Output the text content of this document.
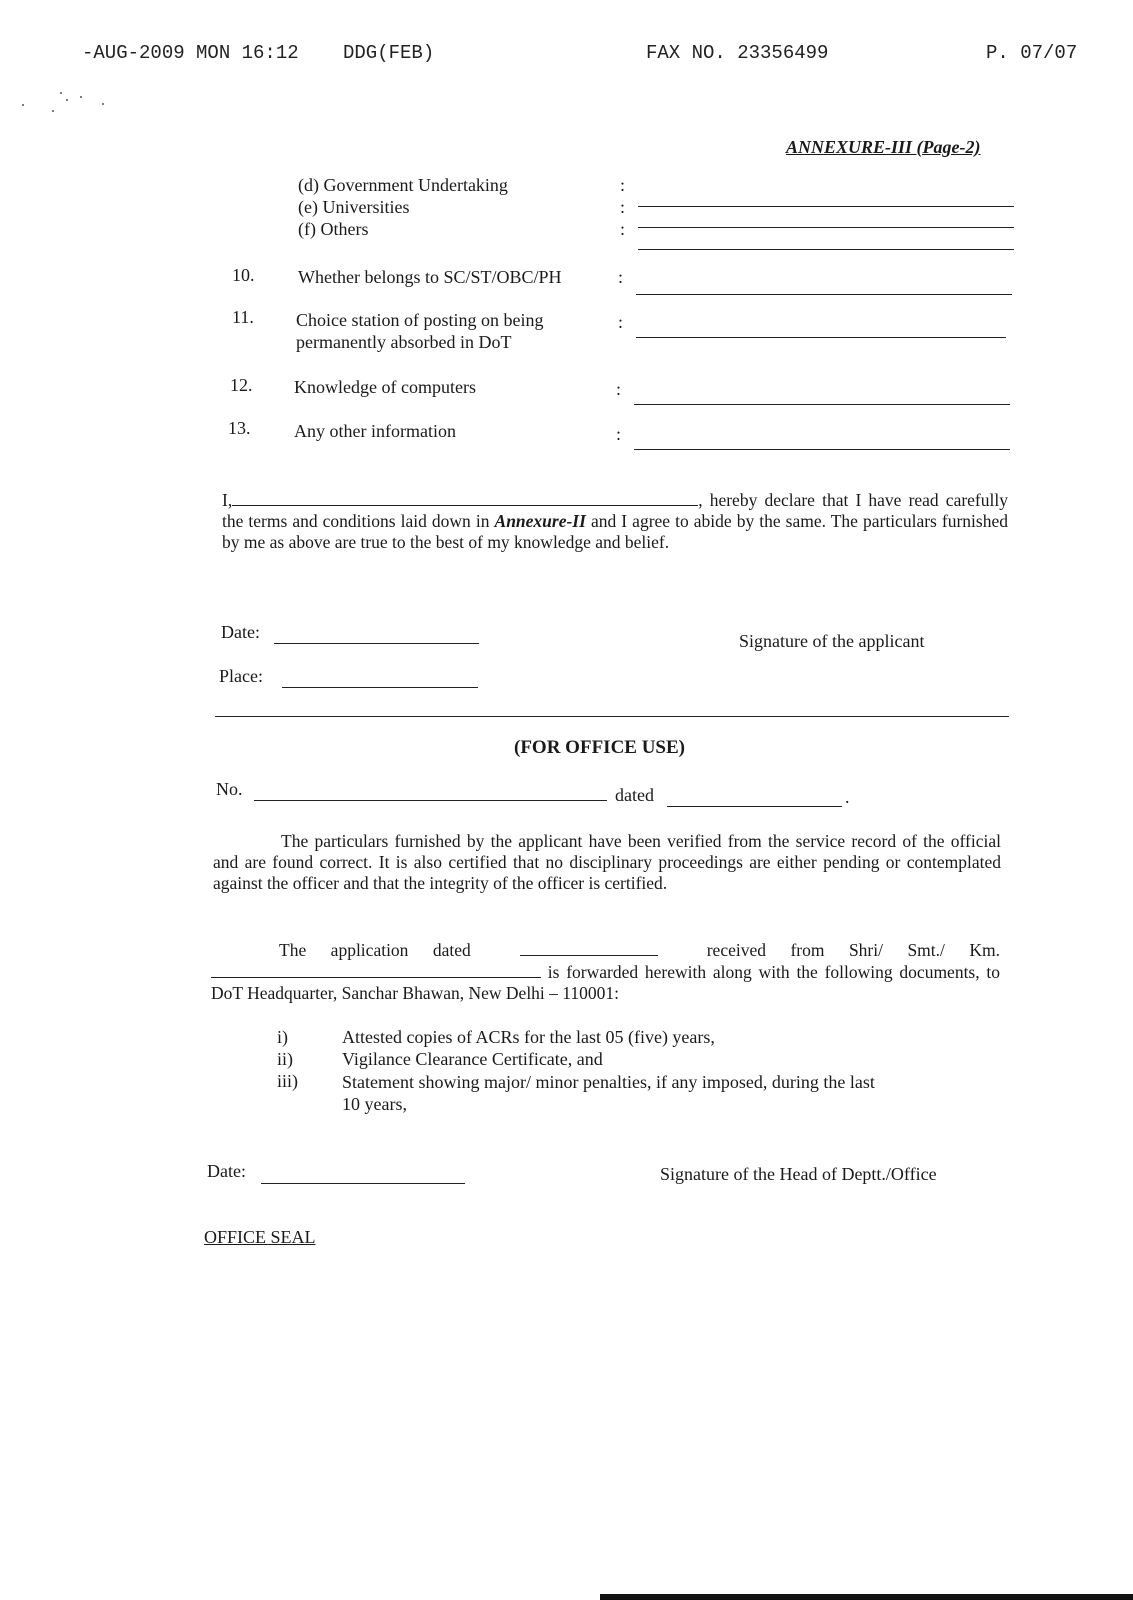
-AUG-2009 MON 16:12 DDG(FEB)	FAX NO. 23356499	P. 07/07
ANNEXURE-III (Page-2)
(d) Government Undertaking	:
(e) Universities	:
(f) Others	:
10. Whether belongs to SC/ST/OBC/PH	:
11. Choice station of posting on being
permanently absorbed in DoT
:
12. Knowledge of computers	:
13. Any other information	:
I,	, hereby declare that I have read carefully the terms and conditions laid down in Annexure-II and I agree to abide by the same. The particulars furnished by me as above are true to the best of my knowledge and belief.
Date:	Signature of the applicant
Place:
(FOR OFFICE USE)
No.	dated	.
The particulars furnished by the applicant have been verified from the service record of the official and are found correct. It is also certified that no disciplinary proceedings are either pending or contemplated against the officer and that the integrity of the officer is certified.
The application dated	received from Shri/ Smt./ Km.  is forwarded herewith along with the following documents, to DoT Headquarter, Sanchar Bhawan, New Delhi – 110001:
i)	Attested copies of ACRs for the last 05 (five) years,
ii)	Vigilance Clearance Certificate, and
iii) Statement showing major/ minor penalties, if any imposed, during the last
10 years,
Date:	Signature of the Head of Deptt./Office
OFFICE SEAL
